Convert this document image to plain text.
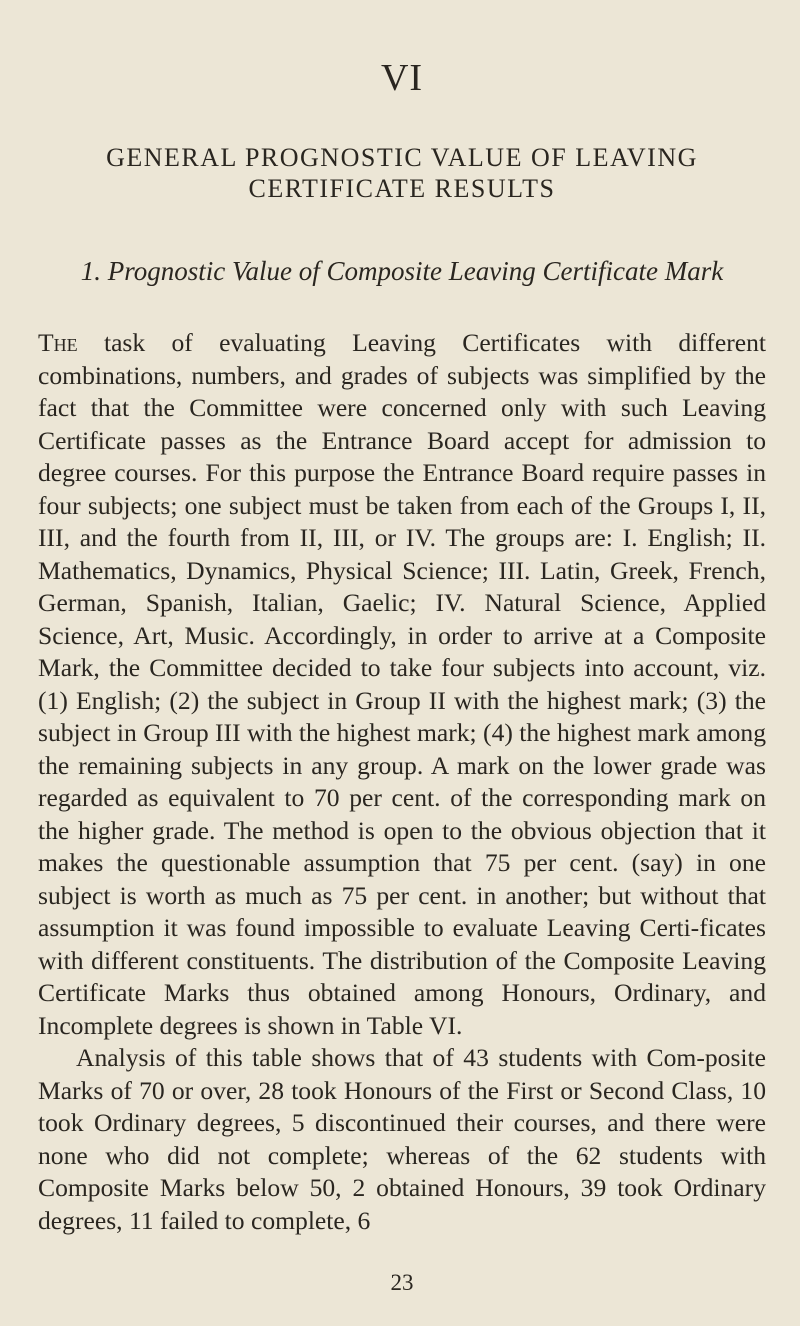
VI
GENERAL PROGNOSTIC VALUE OF LEAVING
CERTIFICATE RESULTS
1. Prognostic Value of Composite Leaving Certificate Mark

The task of evaluating Leaving Certificates with different combinations, numbers, and grades of subjects was simplified by the fact that the Committee were concerned only with such Leaving Certificate passes as the Entrance Board accept for admission to degree courses. For this purpose the Entrance Board require passes in four subjects; one subject must be taken from each of the Groups I, II, III, and the fourth from II, III, or IV. The groups are: I. English; II. Mathematics, Dynamics, Physical Science; III. Latin, Greek, French, German, Spanish, Italian, Gaelic; IV. Natural Science, Applied Science, Art, Music. Accordingly, in order to arrive at a Composite Mark, the Committee decided to take four subjects into account, viz. (1) English; (2) the subject in Group II with the highest mark; (3) the subject in Group III with the highest mark; (4) the highest mark among the remaining subjects in any group. A mark on the lower grade was regarded as equivalent to 70 per cent. of the corresponding mark on the higher grade. The method is open to the obvious objection that it makes the questionable assumption that 75 per cent. (say) in one subject is worth as much as 75 per cent. in another; but without that assumption it was found impossible to evaluate Leaving Certi-ficates with different constituents. The distribution of the Composite Leaving Certificate Marks thus obtained among Honours, Ordinary, and Incomplete degrees is shown in Table VI.

Analysis of this table shows that of 43 students with Com-posite Marks of 70 or over, 28 took Honours of the First or Second Class, 10 took Ordinary degrees, 5 discontinued their courses, and there were none who did not complete; whereas of the 62 students with Composite Marks below 50, 2 obtained Honours, 39 took Ordinary degrees, 11 failed to complete, 6

23
